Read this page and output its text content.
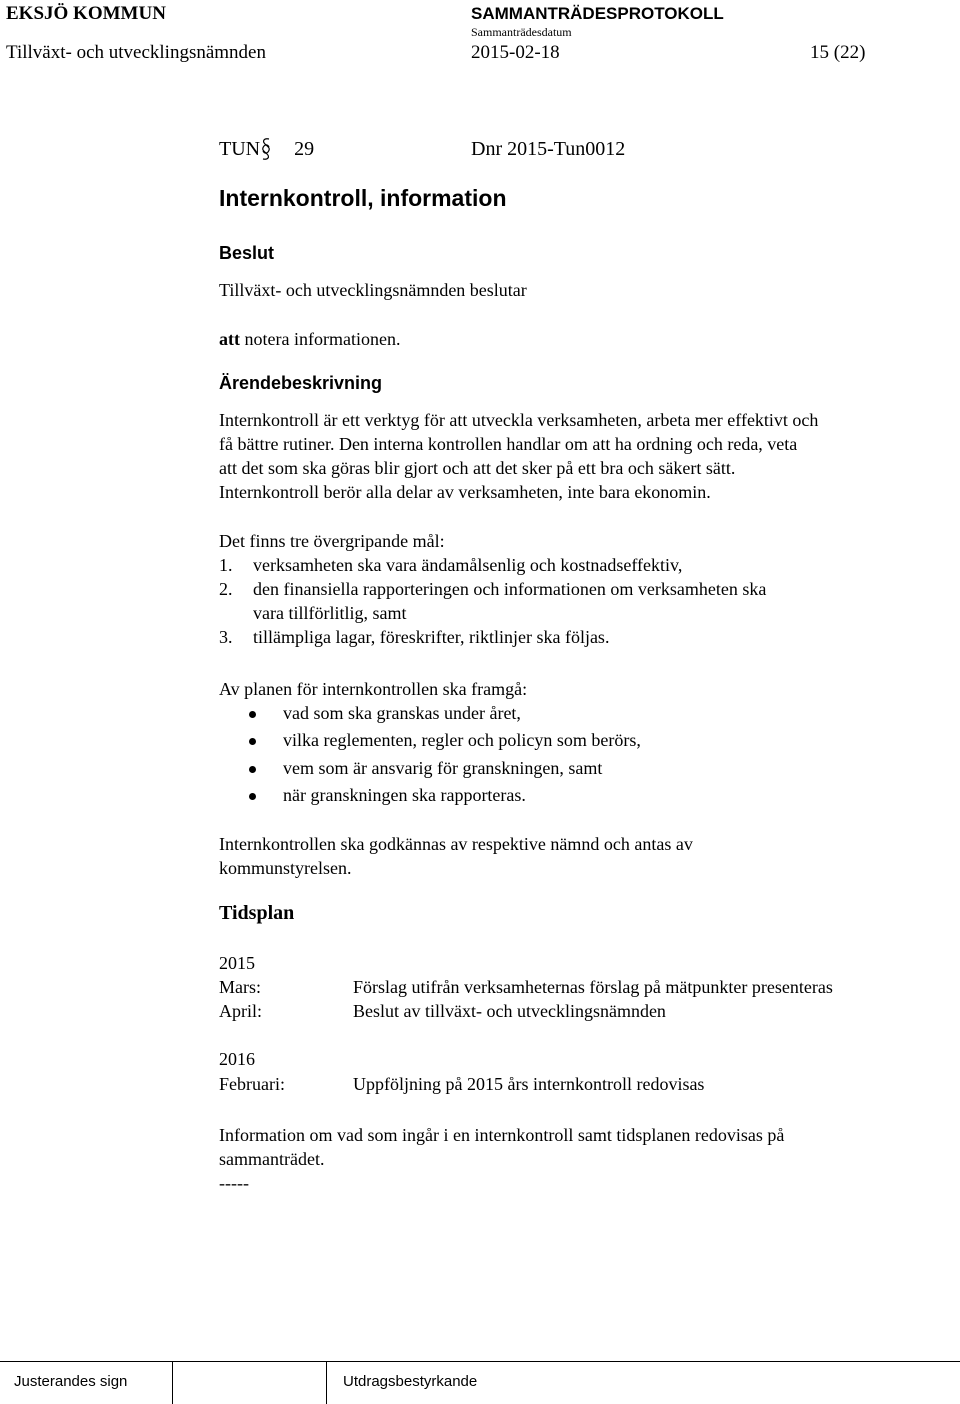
EKSJÖ KOMMUN	SAMMANTRÄDESPROTOKOLL
Sammanträdesdatum
Tillväxt- och utvecklingsnämnden	2015-02-18	15 (22)
TUN 29	Dnr 2015-Tun0012
Internkontroll, information
Beslut
Tillväxt- och utvecklingsnämnden beslutar
att notera informationen.
Ärendebeskrivning
Internkontroll är ett verktyg för att utveckla verksamheten, arbeta mer effektivt och
få bättre rutiner. Den interna kontrollen handlar om att ha ordning och reda, veta
att det som ska göras blir gjort och att det sker på ett bra och säkert sätt.
Internkontroll berör alla delar av verksamheten, inte bara ekonomin.
Det finns tre övergripande mål:
1. verksamheten ska vara ändamålsenlig och kostnadseffektiv,
2. den finansiella rapporteringen och informationen om verksamheten ska
vara tillförlitlig, samt
3. tillämpliga lagar, föreskrifter, riktlinjer ska följas.
Av planen för internkontrollen ska framgå:
vad som ska granskas under året,
vilka reglementen, regler och policyn som berörs,
vem som är ansvarig för granskningen, samt
när granskningen ska rapporteras.
Internkontrollen ska godkännas av respektive nämnd och antas av
kommunstyrelsen.
Tidsplan
2015
Mars:	Förslag utifrån verksamheternas förslag på mätpunkter presenteras
April:	Beslut av tillväxt- och utvecklingsnämnden
2016
Februari:	Uppföljning på 2015 års internkontroll redovisas
Information om vad som ingår i en internkontroll samt tidsplanen redovisas på
sammanträdet.
-----
Justerandes sign	Utdragsbestyrkande
